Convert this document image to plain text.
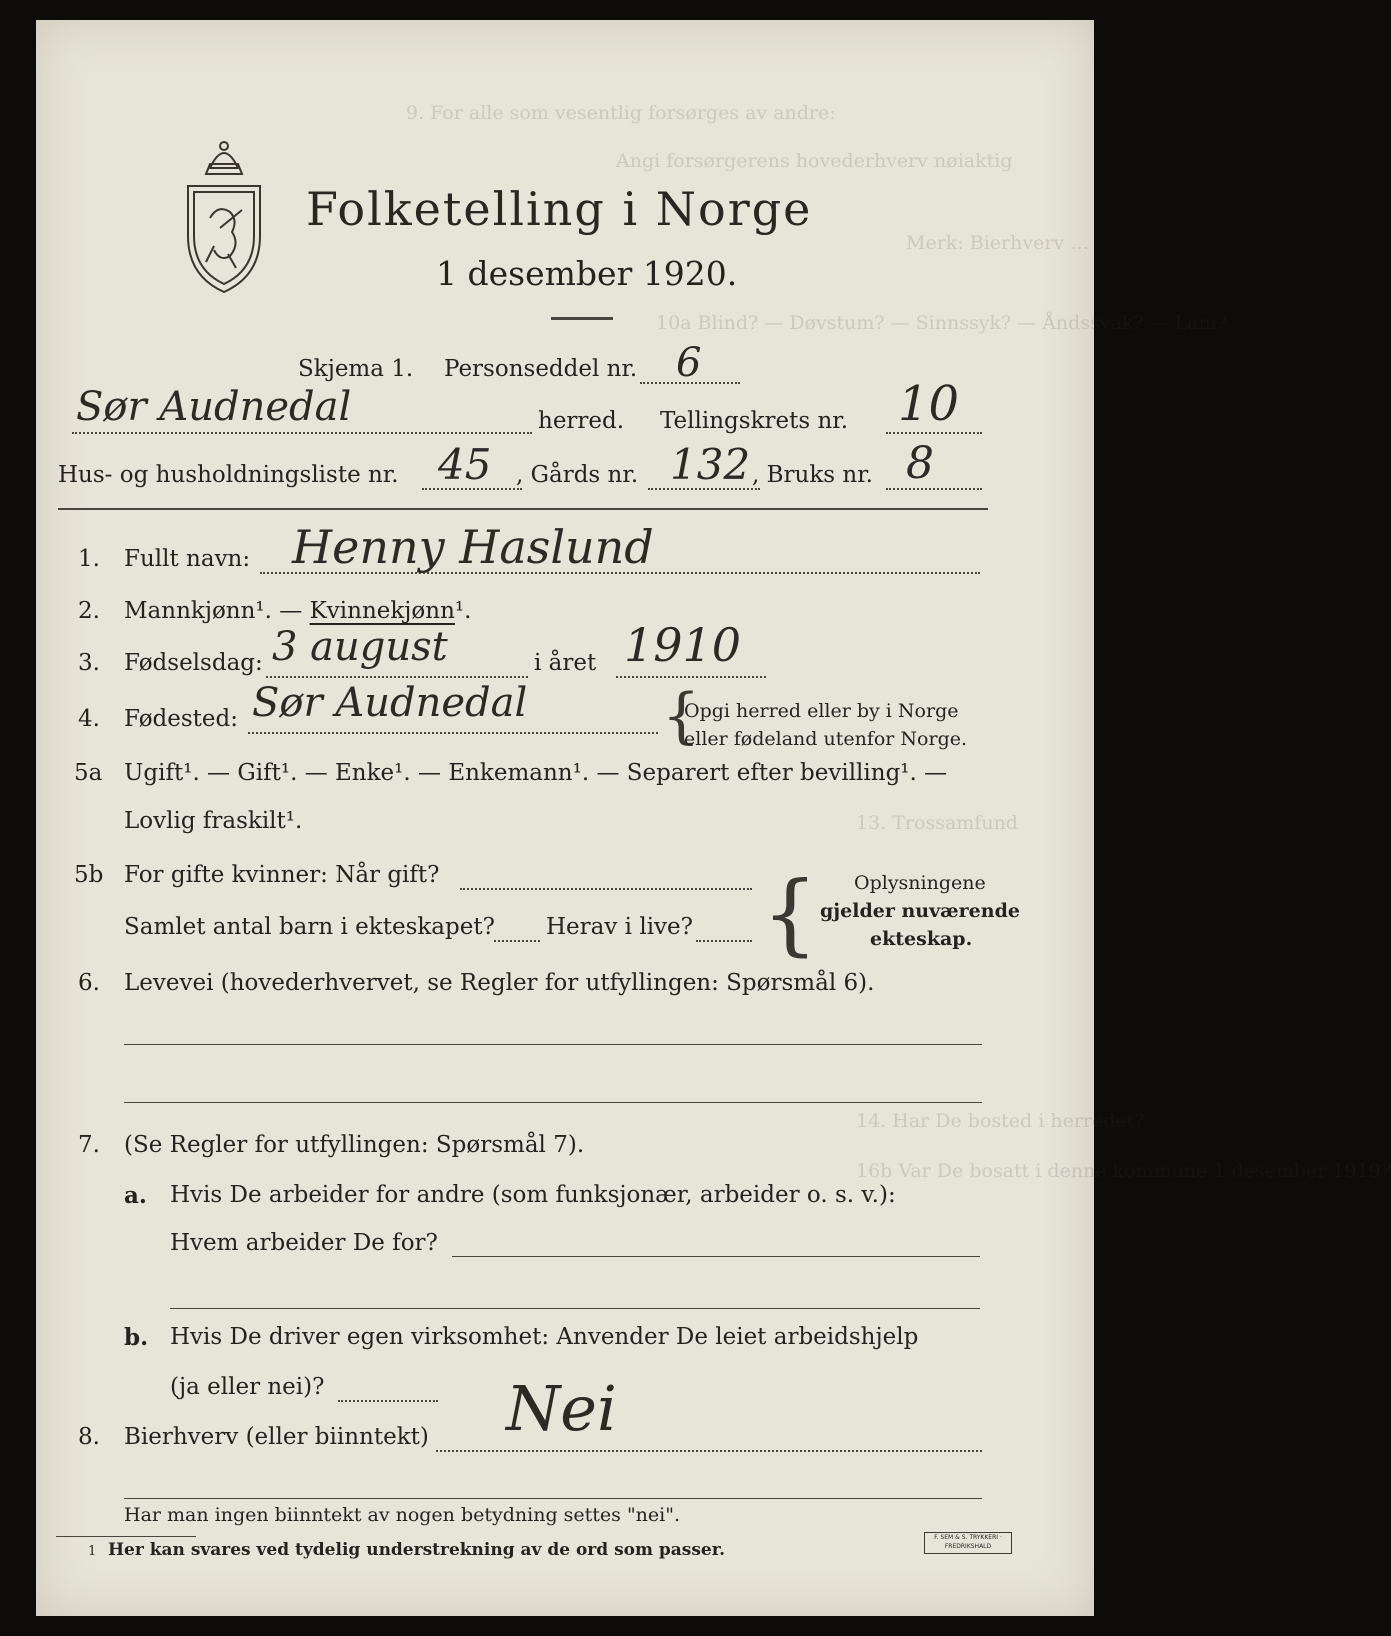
9. For alle som vesentlig forsørges av andre:
Angi forsørgerens hovederhverv nøiaktig
Merk: Bierhverv …
10a Blind? — Døvstum? — Sinnssyk? — Åndssvak? — Lam?
13. Trossamfund
14. Har De bosted i herredet?
16b Var De bosatt i denne kommune 1 desember 1919?
Folketelling i Norge
1 desember 1920.
Skjema 1. Personseddel nr. 6
Sør Audnedal	herred. Tellingskrets nr. 10
Hus- og husholdningsliste nr. 45 , Gårds nr. 132 , Bruks nr. 8
1. Fullt navn: Henny Haslund
2. Mannkjønn¹. — Kvinnekjønn¹.
3. Fødselsdag: 3 august	i året 1910
4. Fødested: Sør Audnedal {
Opgi herred eller by i Norge
eller fødeland utenfor Norge.
5a Ugift¹. — Gift¹. — Enke¹. — Enkemann¹. — Separert efter bevilling¹. —
Lovlig fraskilt¹.
5b For gifte kvinner: Når gift?
Samlet antal barn i ekteskapet? Herav i live? { Oplysningene
gjelder nuværende
ekteskap.
6. Levevei (hovederhvervet, se Regler for utfyllingen: Spørsmål 6).
7. (Se Regler for utfyllingen: Spørsmål 7).
a. Hvis De arbeider for andre (som funksjonær, arbeider o. s. v.):
Hvem arbeider De for?
b. Hvis De driver egen virksomhet: Anvender De leiet arbeidshjelp
(ja eller nei)?
8. Bierhverv (eller biinntekt) Nei
Har man ingen biinntekt av nogen betydning settes "nei".
1 Her kan svares ved tydelig understrekning av de ord som passer.
F. SEM & S. TRYKKERI · FREDRIKSHALD
